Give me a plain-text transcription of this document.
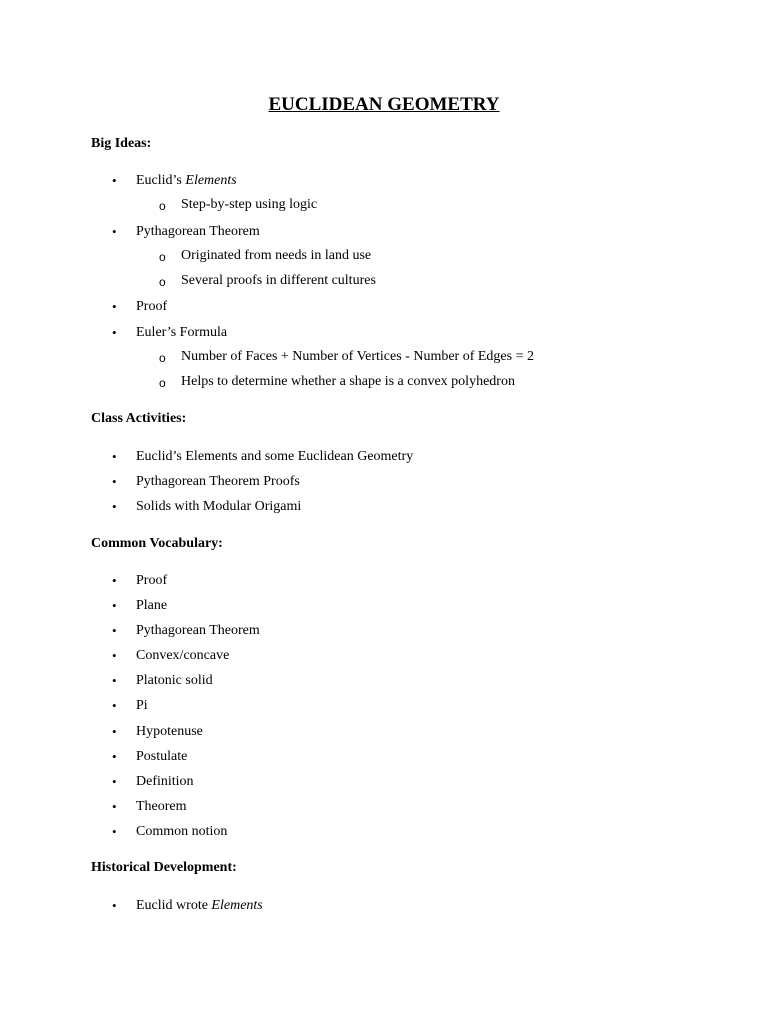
EUCLIDEAN GEOMETRY
Big Ideas:
• Euclid’s Elements
o Step-by-step using logic
• Pythagorean Theorem
o Originated from needs in land use
o Several proofs in different cultures
• Proof
• Euler’s Formula
o Number of Faces + Number of Vertices - Number of Edges = 2
o Helps to determine whether a shape is a convex polyhedron
Class Activities:
• Euclid’s Elements and some Euclidean Geometry
• Pythagorean Theorem Proofs
• Solids with Modular Origami
Common Vocabulary:
• Proof
• Plane
• Pythagorean Theorem
• Convex/concave
• Platonic solid
• Pi
• Hypotenuse
• Postulate
• Definition
• Theorem
• Common notion
Historical Development:
• Euclid wrote Elements
